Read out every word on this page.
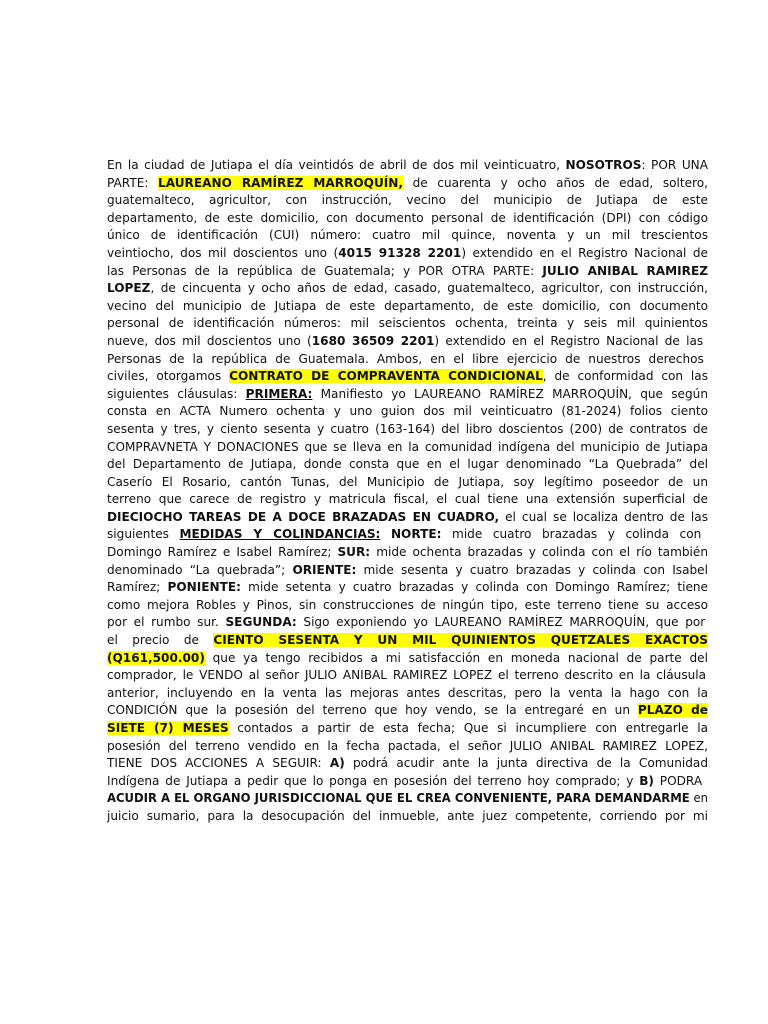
En la ciudad de Jutiapa el día veintidós de abril de dos mil veinticuatro, NOSOTROS: POR UNA
PARTE: LAUREANO RAMÍREZ MARROQUÍN, de cuarenta y ocho años de edad, soltero,
guatemalteco, agricultor, con instrucción, vecino del municipio de Jutiapa de este
departamento, de este domicilio, con documento personal de identificación (DPI) con código
único de identificación (CUI) número: cuatro mil quince, noventa y un mil trescientos
veintiocho, dos mil doscientos uno (4015 91328 2201) extendido en el Registro Nacional de
las Personas de la república de Guatemala; y POR OTRA PARTE: JULIO ANIBAL RAMIREZ
LOPEZ, de cincuenta y ocho años de edad, casado, guatemalteco, agricultor, con instrucción,
vecino del municipio de Jutiapa de este departamento, de este domicilio, con documento
personal de identificación números: mil seiscientos ochenta, treinta y seis mil quinientos
nueve, dos mil doscientos uno (1680 36509 2201) extendido en el Registro Nacional de las
Personas de la república de Guatemala. Ambos, en el libre ejercicio de nuestros derechos
civiles, otorgamos CONTRATO DE COMPRAVENTA CONDICIONAL, de conformidad con las
siguientes cláusulas: PRIMERA: Manifiesto yo LAUREANO RAMÍREZ MARROQUÍN, que según
consta en ACTA Numero ochenta y uno guion dos mil veinticuatro (81-2024) folios ciento
sesenta y tres, y ciento sesenta y cuatro (163-164) del libro doscientos (200) de contratos de
COMPRAVNETA Y DONACIONES que se lleva en la comunidad indígena del municipio de Jutiapa
del Departamento de Jutiapa, donde consta que en el lugar denominado “La Quebrada” del
Caserío El Rosario, cantón Tunas, del Municipio de Jutiapa, soy legítimo poseedor de un
terreno que carece de registro y matricula fiscal, el cual tiene una extensión superficial de
DIECIOCHO TAREAS DE A DOCE BRAZADAS EN CUADRO, el cual se localiza dentro de las
siguientes MEDIDAS Y COLINDANCIAS: NORTE: mide cuatro brazadas y colinda con
Domingo Ramírez e Isabel Ramírez; SUR: mide ochenta brazadas y colinda con el río también
denominado “La quebrada”; ORIENTE: mide sesenta y cuatro brazadas y colinda con Isabel
Ramírez; PONIENTE: mide setenta y cuatro brazadas y colinda con Domingo Ramírez; tiene
como mejora Robles y Pinos, sin construcciones de ningún tipo, este terreno tiene su acceso
por el rumbo sur. SEGUNDA: Sigo exponiendo yo LAUREANO RAMÍREZ MARROQUÍN, que por
el precio de CIENTO SESENTA Y UN MIL QUINIENTOS QUETZALES EXACTOS
(Q161,500.00) que ya tengo recibidos a mi satisfacción en moneda nacional de parte del
comprador, le VENDO al señor JULIO ANIBAL RAMIREZ LOPEZ el terreno descrito en la cláusula
anterior, incluyendo en la venta las mejoras antes descritas, pero la venta la hago con la
CONDICIÓN que la posesión del terreno que hoy vendo, se la entregaré en un PLAZO de
SIETE (7) MESES contados a partir de esta fecha; Que si incumpliere con entregarle la
posesión del terreno vendido en la fecha pactada, el señor JULIO ANIBAL RAMIREZ LOPEZ,
TIENE DOS ACCIONES A SEGUIR: A) podrá acudir ante la junta directiva de la Comunidad
Indígena de Jutiapa a pedir que lo ponga en posesión del terreno hoy comprado; y B) PODRA
ACUDIR A EL ORGANO JURISDICCIONAL QUE EL CREA CONVENIENTE, PARA DEMANDARME en
juicio sumario, para la desocupación del inmueble, ante juez competente, corriendo por mi
